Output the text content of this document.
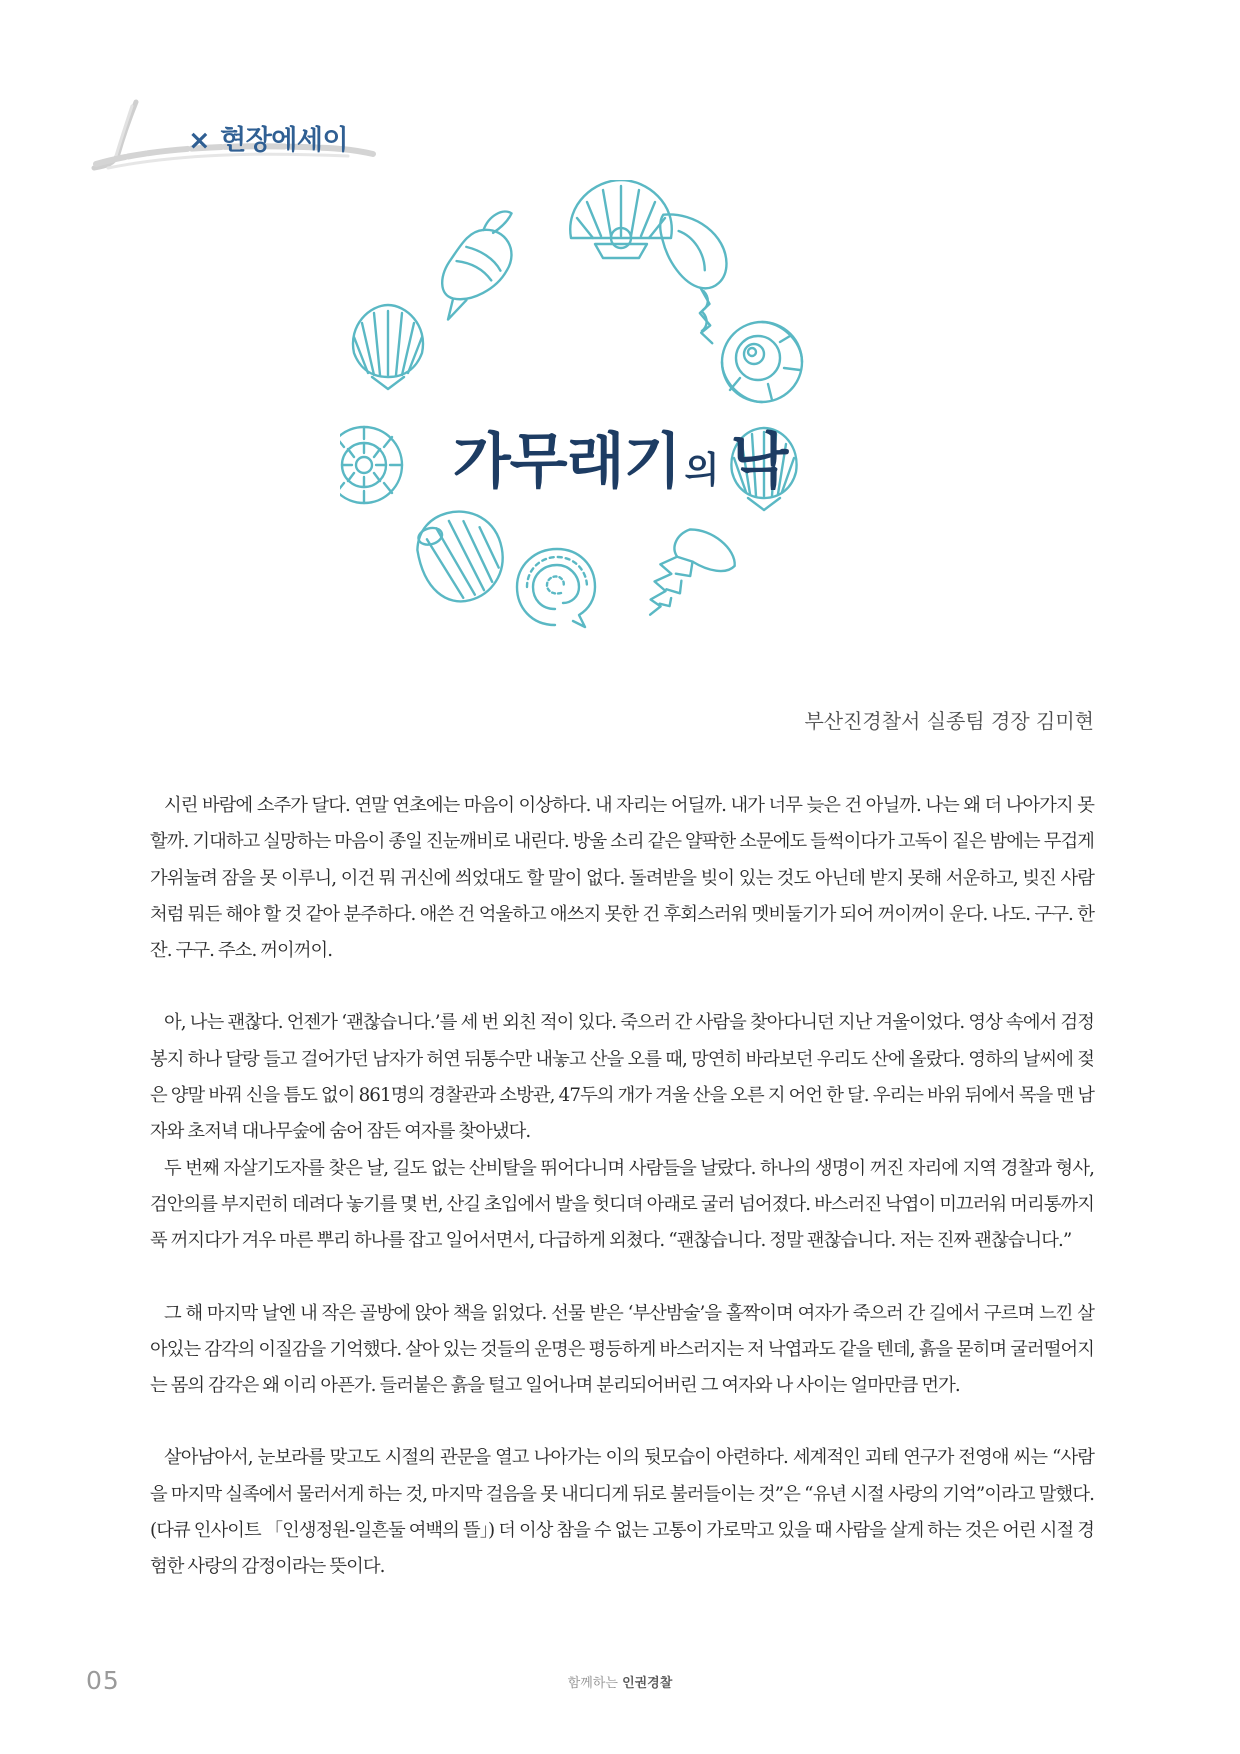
× 현장에세이
가무래기 의 낙
부산진경찰서 실종팀 경장 김미현

시린 바람에 소주가 달다. 연말 연초에는 마음이 이상하다. 내 자리는 어딜까. 내가 너무 늦은 건 아닐까. 나는 왜 더 나아가지 못할까. 기대하고 실망하는 마음이 종일 진눈깨비로 내린다. 방울 소리 같은 얄팍한 소문에도 들썩이다가 고독이 짙은 밤에는 무겁게 가위눌려 잠을 못 이루니, 이건 뭐 귀신에 씌었대도 할 말이 없다. 돌려받을 빚이 있는 것도 아닌데 받지 못해 서운하고, 빚진 사람처럼 뭐든 해야 할 것 같아 분주하다. 애쓴 건 억울하고 애쓰지 못한 건 후회스러워 멧비둘기가 되어 꺼이꺼이 운다. 나도. 구구. 한 잔. 구구. 주소. 꺼이꺼이.

아, 나는 괜찮다. 언젠가 ‘괜찮습니다.’를 세 번 외친 적이 있다. 죽으러 간 사람을 찾아다니던 지난 겨울이었다. 영상 속에서 검정 봉지 하나 달랑 들고 걸어가던 남자가 허연 뒤통수만 내놓고 산을 오를 때, 망연히 바라보던 우리도 산에 올랐다. 영하의 날씨에 젖은 양말 바꿔 신을 틈도 없이 861명의 경찰관과 소방관, 47두의 개가 겨울 산을 오른 지 어언 한 달. 우리는 바위 뒤에서 목을 맨 남자와 초저녁 대나무숲에 숨어 잠든 여자를 찾아냈다.

두 번째 자살기도자를 찾은 날, 길도 없는 산비탈을 뛰어다니며 사람들을 날랐다. 하나의 생명이 꺼진 자리에 지역 경찰과 형사, 검안의를 부지런히 데려다 놓기를 몇 번, 산길 초입에서 발을 헛디뎌 아래로 굴러 넘어졌다. 바스러진 낙엽이 미끄러워 머리통까지 푹 꺼지다가 겨우 마른 뿌리 하나를 잡고 일어서면서, 다급하게 외쳤다. “괜찮습니다. 정말 괜찮습니다. 저는 진짜 괜찮습니다.”

그 해 마지막 날엔 내 작은 골방에 앉아 책을 읽었다. 선물 받은 ‘부산밤술’을 홀짝이며 여자가 죽으러 간 길에서 구르며 느낀 살아있는 감각의 이질감을 기억했다. 살아 있는 것들의 운명은 평등하게 바스러지는 저 낙엽과도 같을 텐데, 흙을 묻히며 굴러떨어지는 몸의 감각은 왜 이리 아픈가. 들러붙은 흙을 털고 일어나며 분리되어버린 그 여자와 나 사이는 얼마만큼 먼가.

살아남아서, 눈보라를 맞고도 시절의 관문을 열고 나아가는 이의 뒷모습이 아련하다. 세계적인 괴테 연구가 전영애 씨는 “사람을 마지막 실족에서 물러서게 하는 것, 마지막 걸음을 못 내디디게 뒤로 불러들이는 것”은 “유년 시절 사랑의 기억”이라고 말했다. (다큐 인사이트 「인생정원-일흔둘 여백의 뜰」) 더 이상 참을 수 없는 고통이 가로막고 있을 때 사람을 살게 하는 것은 어린 시절 경험한 사랑의 감정이라는 뜻이다.

05	함께하는 인권경찰
